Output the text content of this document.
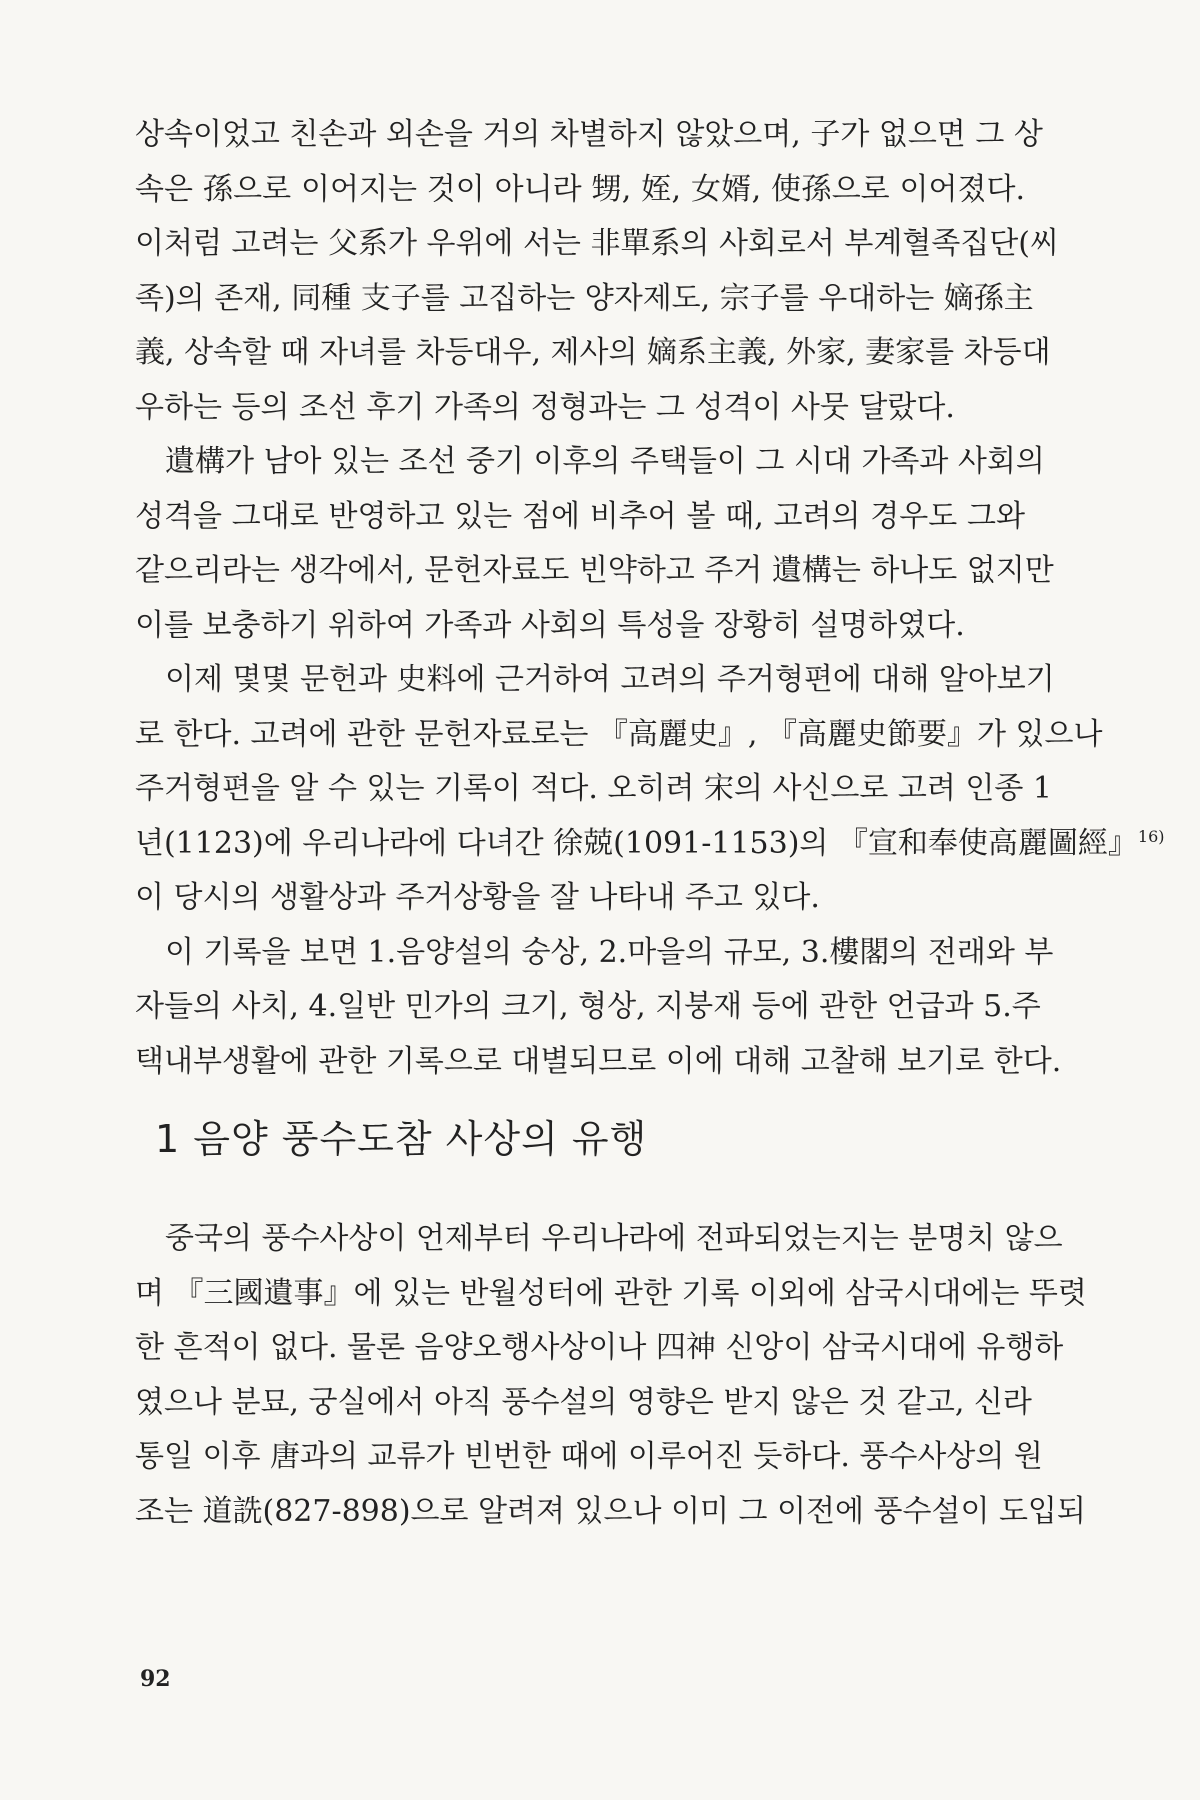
상속이었고 친손과 외손을 거의 차별하지 않았으며, 子가 없으면 그 상
속은 孫으로 이어지는 것이 아니라 甥, 姪, 女婿, 使孫으로 이어졌다.
이처럼 고려는 父系가 우위에 서는 非單系의 사회로서 부계혈족집단(씨
족)의 존재, 同種 支子를 고집하는 양자제도, 宗子를 우대하는 嫡孫主
義, 상속할 때 자녀를 차등대우, 제사의 嫡系主義, 外家, 妻家를 차등대
우하는 등의 조선 후기 가족의 정형과는 그 성격이 사뭇 달랐다.
遺構가 남아 있는 조선 중기 이후의 주택들이 그 시대 가족과 사회의
성격을 그대로 반영하고 있는 점에 비추어 볼 때, 고려의 경우도 그와
같으리라는 생각에서, 문헌자료도 빈약하고 주거 遺構는 하나도 없지만
이를 보충하기 위하여 가족과 사회의 특성을 장황히 설명하였다.
이제 몇몇 문헌과 史料에 근거하여 고려의 주거형편에 대해 알아보기
로 한다. 고려에 관한 문헌자료로는 『高麗史』, 『高麗史節要』가 있으나
주거형편을 알 수 있는 기록이 적다. 오히려 宋의 사신으로 고려 인종 1
년(1123)에 우리나라에 다녀간 徐兢(1091-1153)의 『宣和奉使高麗圖經』$^{16)}$
이 당시의 생활상과 주거상황을 잘 나타내 주고 있다.
이 기록을 보면 1.음양설의 숭상, 2.마을의 규모, 3.樓閣의 전래와 부
자들의 사치, 4.일반 민가의 크기, 형상, 지붕재 등에 관한 언급과 5.주
택내부생활에 관한 기록으로 대별되므로 이에 대해 고찰해 보기로 한다.
1 음양 풍수도참 사상의 유행
중국의 풍수사상이 언제부터 우리나라에 전파되었는지는 분명치 않으
며 『三國遺事』에 있는 반월성터에 관한 기록 이외에 삼국시대에는 뚜렷
한 흔적이 없다. 물론 음양오행사상이나 四神 신앙이 삼국시대에 유행하
였으나 분묘, 궁실에서 아직 풍수설의 영향은 받지 않은 것 같고, 신라
통일 이후 唐과의 교류가 빈번한 때에 이루어진 듯하다. 풍수사상의 원
조는 道詵(827-898)으로 알려져 있으나 이미 그 이전에 풍수설이 도입되
92
